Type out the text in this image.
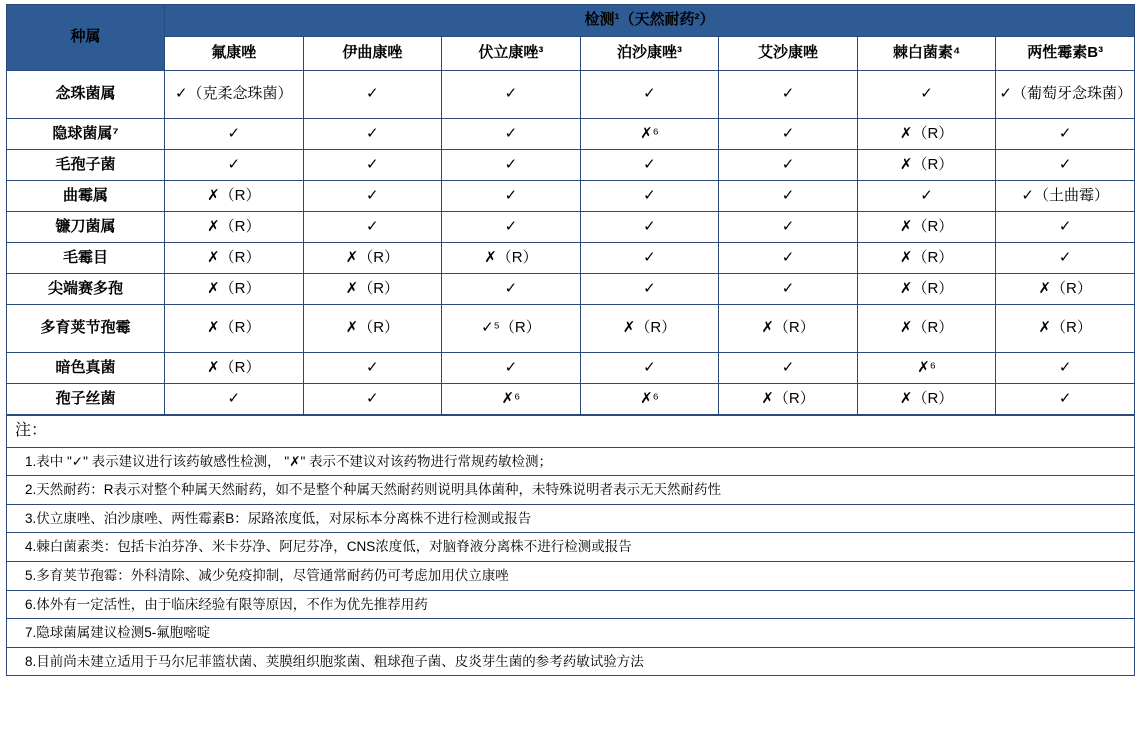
种属	检测¹（天然耐药²）						
	氟康唑	伊曲康唑	伏立康唑³	泊沙康唑³	艾沙康唑	棘白菌素⁴	两性霉素B³
念珠菌属	✓（克柔念珠菌）	✓	✓	✓	✓	✓	✓（葡萄牙念珠菌）
隐球菌属⁷	✓	✓	✓	✗⁶	✓	✗（R）	✓
毛孢子菌	✓	✓	✓	✓	✓	✗（R）	✓
曲霉属	✗（R）	✓	✓	✓	✓	✓	✓（土曲霉）
镰刀菌属	✗（R）	✓	✓	✓	✓	✗（R）	✓
毛霉目	✗（R）	✗（R）	✗（R）	✓	✓	✗（R）	✓
尖端赛多孢	✗（R）	✗（R）	✓	✓	✓	✗（R）	✗（R）
多育荚节孢霉	✗（R）	✗（R）	✓⁵（R）	✗（R）	✗（R）	✗（R）	✗（R）
暗色真菌	✗（R）	✓	✓	✓	✓	✗⁶	✓
孢子丝菌	✓	✓	✗⁶	✗⁶	✗（R）	✗（R）	✓
注：
1.表中 "✓" 表示建议进行该药敏感性检测， "✗" 表示不建议对该药物进行常规药敏检测；
2.天然耐药：R表示对整个种属天然耐药，如不是整个种属天然耐药则说明具体菌种，未特殊说明者表示无天然耐药性
3.伏立康唑、泊沙康唑、两性霉素B：尿路浓度低，对尿标本分离株不进行检测或报告
4.棘白菌素类：包括卡泊芬净、米卡芬净、阿尼芬净，CNS浓度低，对脑脊液分离株不进行检测或报告
5.多育荚节孢霉：外科清除、减少免疫抑制，尽管通常耐药仍可考虑加用伏立康唑
6.体外有一定活性，由于临床经验有限等原因，不作为优先推荐用药
7.隐球菌属建议检测5-氟胞嘧啶
8.目前尚未建立适用于马尔尼菲篮状菌、荚膜组织胞浆菌、粗球孢子菌、皮炎芽生菌的参考药敏试验方法
